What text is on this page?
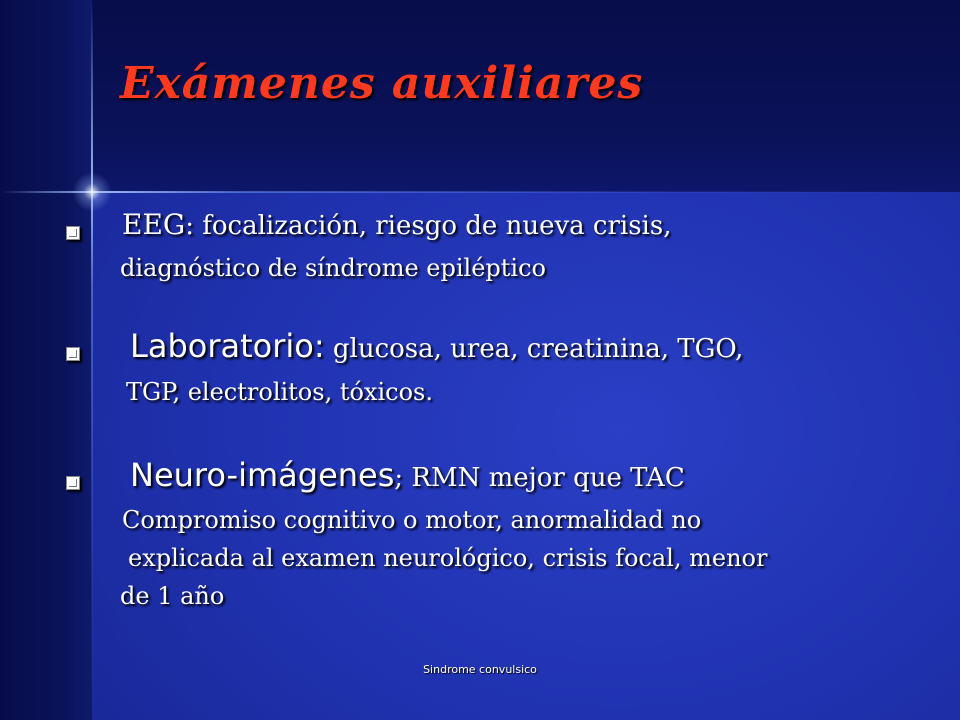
Exámenes auxiliares
EEG: focalización, riesgo de nueva crisis,
diagnóstico de síndrome epiléptico
Laboratorio: glucosa, urea, creatinina, TGO,
TGP, electrolitos, tóxicos.
Neuro-imágenes; RMN mejor que TAC
Compromiso cognitivo o motor, anormalidad no
explicada al examen neurológico, crisis focal, menor
de 1 año
Sindrome convulsico
